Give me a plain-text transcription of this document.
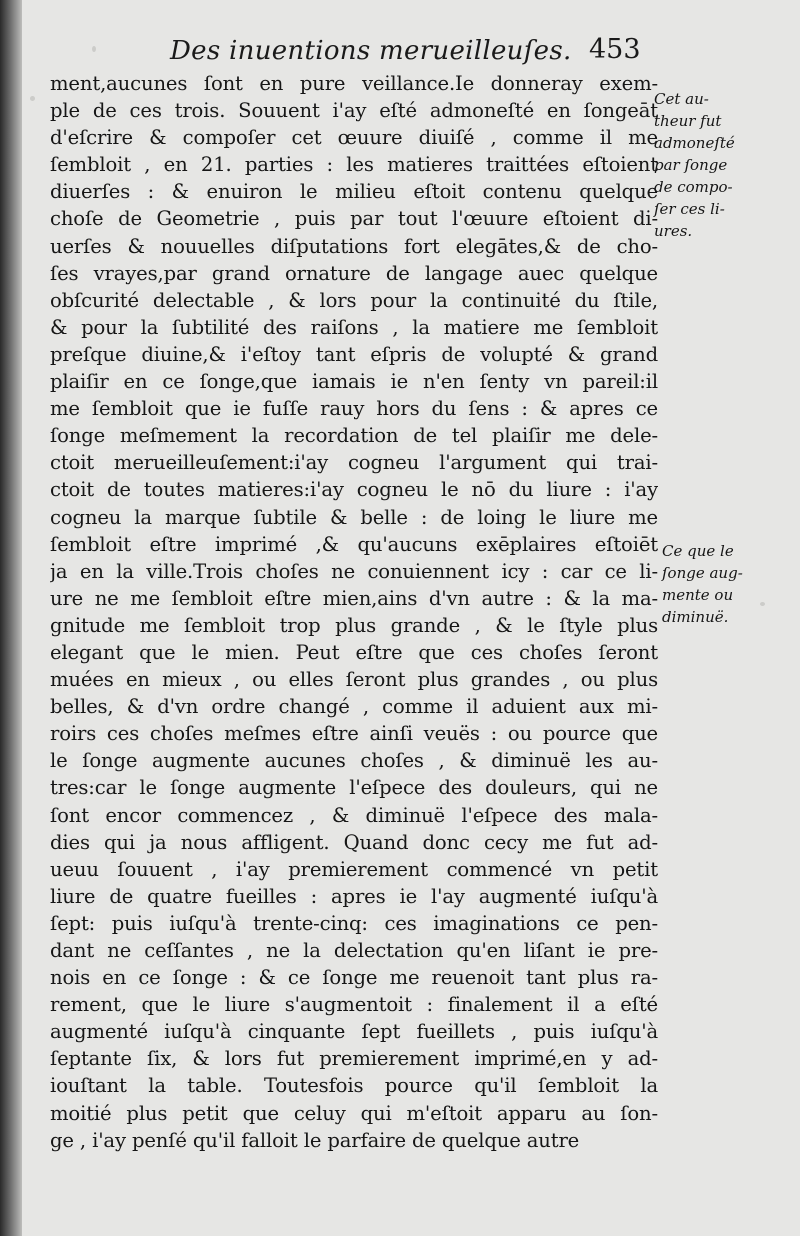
Des inuentions merueilleuſes. 453
ment,aucunes ſont en pure veillance.Ie donneray exem-
ple de ces trois. Souuent i'ay eſté admoneſté en ſongeāt
d'eſcrire & compoſer cet œuure diuiſé , comme il me
ſembloit , en 21. parties : les matieres traittées eſtoient
diuerſes : & enuiron le milieu eſtoit contenu quelque
choſe de Geometrie , puis par tout l'œuure eſtoient di-
uerſes & nouuelles diſputations fort elegātes,& de cho-
ſes vrayes,par grand ornature de langage auec quelque
obſcurité delectable , & lors pour la continuité du ſtile,
& pour la ſubtilité des raiſons , la matiere me ſembloit
preſque diuine,& i'eſtoy tant eſpris de volupté & grand
plaiſir en ce ſonge,que iamais ie n'en ſenty vn pareil:il
me ſembloit que ie fuſſe rauy hors du ſens : & apres ce
ſonge meſmement la recordation de tel plaiſir me dele-
ctoit merueilleuſement:i'ay cogneu l'argument qui trai-
ctoit de toutes matieres:i'ay cogneu le nō du liure : i'ay
cogneu la marque ſubtile & belle : de loing le liure me
ſembloit eſtre imprimé ,& qu'aucuns exēplaires eſtoiēt
ja en la ville.Trois choſes ne conuiennent icy : car ce li-
ure ne me ſembloit eſtre mien,ains d'vn autre : & la ma-
gnitude me ſembloit trop plus grande , & le ſtyle plus
elegant que le mien. Peut eſtre que ces choſes ſeront
muées en mieux , ou elles ſeront plus grandes , ou plus
belles, & d'vn ordre changé , comme il aduient aux mi-
roirs ces choſes meſmes eſtre ainſi veuës : ou pource que
le ſonge augmente aucunes choſes , & diminuë les au-
tres:car le ſonge augmente l'eſpece des douleurs, qui ne
ſont encor commencez , & diminuë l'eſpece des mala-
dies qui ja nous affligent. Quand donc cecy me fut ad-
ueuu ſouuent , i'ay premierement commencé vn petit
liure de quatre fueilles : apres ie l'ay augmenté iuſqu'à
ſept: puis iuſqu'à trente-cinq: ces imaginations ce pen-
dant ne ceſſantes , ne la delectation qu'en liſant ie pre-
nois en ce ſonge : & ce ſonge me reuenoit tant plus ra-
rement, que le liure s'augmentoit : finalement il a eſté
augmenté iuſqu'à cinquante ſept fueillets , puis iuſqu'à
ſeptante ſix, & lors fut premierement imprimé,en y ad-
iouſtant la table. Toutesfois pource qu'il ſembloit la
moitié plus petit que celuy qui m'eſtoit apparu au ſon-
ge , i'ay penſé qu'il falloit le parfaire de quelque autre
Cet au-
theur fut
admoneſté
par ſonge
de compo-
ſer ces li-
ures.
Ce que le
ſonge aug-
mente ou
diminuë.
